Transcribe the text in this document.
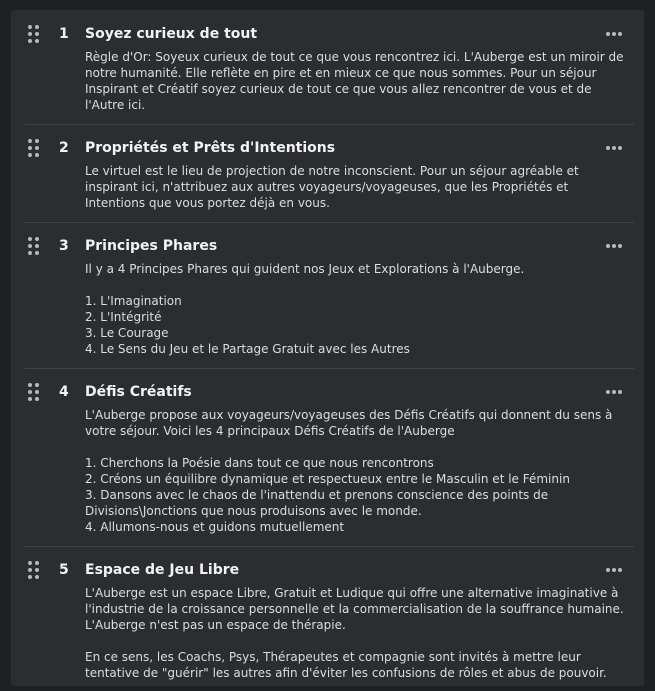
1 Soyez curieux de tout
Règle d'Or: Soyeux curieux de tout ce que vous rencontrez ici. L'Auberge est un miroir de notre humanité. Elle reflète en pire et en mieux ce que nous sommes. Pour un séjour Inspirant et Créatif soyez curieux de tout ce que vous allez rencontrer de vous et de l'Autre ici.
2 Propriétés et Prêts d'Intentions
Le virtuel est le lieu de projection de notre inconscient. Pour un séjour agréable et inspirant ici, n'attribuez aux autres voyageurs/voyageuses, que les Propriétés et Intentions que vous portez déjà en vous.
3 Principes Phares
Il y a 4 Principes Phares qui guident nos Jeux et Explorations à l'Auberge.

1. L'Imagination
2. L'Intégrité
3. Le Courage
4. Le Sens du Jeu et le Partage Gratuit avec les Autres
4 Défis Créatifs
L'Auberge propose aux voyageurs/voyageuses des Défis Créatifs qui donnent du sens à votre séjour. Voici les 4 principaux Défis Créatifs de l'Auberge

1. Cherchons la Poésie dans tout ce que nous rencontrons
2. Créons un équilibre dynamique et respectueux entre le Masculin et le Féminin
3. Dansons avec le chaos de l'inattendu et prenons conscience des points de Divisions\Jonctions que nous produisons avec le monde.
4. Allumons-nous et guidons mutuellement
5 Espace de Jeu Libre
L'Auberge est un espace Libre, Gratuit et Ludique qui offre une alternative imaginative à l'industrie de la croissance personnelle et la commercialisation de la souffrance humaine. L'Auberge n'est pas un espace de thérapie.

En ce sens, les Coachs, Psys, Thérapeutes et compagnie sont invités à mettre leur tentative de "guérir" les autres afin d'éviter les confusions de rôles et abus de pouvoir.
